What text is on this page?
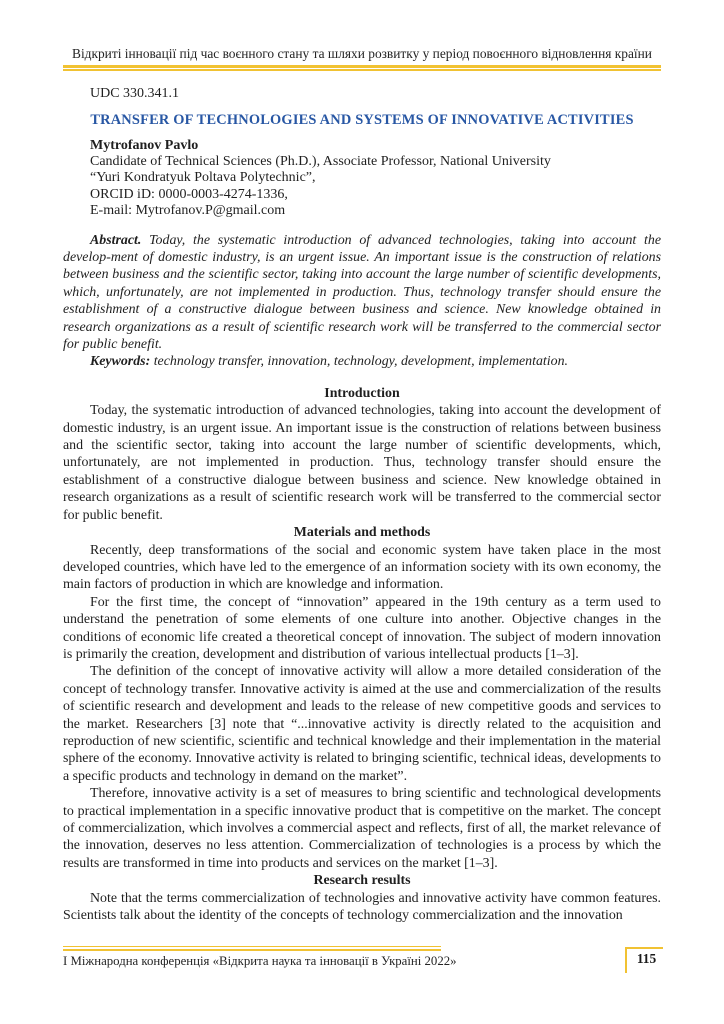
Відкриті інновації під час воєнного стану та шляхи розвитку у період повоєнного відновлення країни

UDC 330.341.1

TRANSFER OF TECHNOLOGIES AND SYSTEMS OF INNOVATIVE ACTIVITIES

Mytrofanov Pavlo

Candidate of Technical Sciences (Ph.D.), Associate Professor, National University

“Yuri Kondratyuk Poltava Polytechnic”,

ORCID iD: 0000-0003-4274-1336,

E-mail: Mytrofanov.P@gmail.com

Abstract. Today, the systematic introduction of advanced technologies, taking into account the develop-ment of domestic industry, is an urgent issue. An important issue is the construction of relations between business and the scientific sector, taking into account the large number of scientific developments, which, unfortunately, are not implemented in production. Thus, technology transfer should ensure the establishment of a constructive dialogue between business and science. New knowledge obtained in research organizations as a result of scientific research work will be transferred to the commercial sector for public benefit.

Keywords: technology transfer, innovation, technology, development, implementation.

Introduction

Today, the systematic introduction of advanced technologies, taking into account the development of domestic industry, is an urgent issue. An important issue is the construction of relations between business and the scientific sector, taking into account the large number of scientific developments, which, unfortunately, are not implemented in production. Thus, technology transfer should ensure the establishment of a constructive dialogue between business and science. New knowledge obtained in research organizations as a result of scientific research work will be transferred to the commercial sector for public benefit.

Materials and methods

Recently, deep transformations of the social and economic system have taken place in the most developed countries, which have led to the emergence of an information society with its own economy, the main factors of production in which are knowledge and information.

For the first time, the concept of “innovation” appeared in the 19th century as a term used to understand the penetration of some elements of one culture into another. Objective changes in the conditions of economic life created a theoretical concept of innovation. The subject of modern innovation is primarily the creation, development and distribution of various intellectual products [1–3].

The definition of the concept of innovative activity will allow a more detailed consideration of the concept of technology transfer. Innovative activity is aimed at the use and commercialization of the results of scientific research and development and leads to the release of new competitive goods and services to the market. Researchers [3] note that “...innovative activity is directly related to the acquisition and reproduction of new scientific, scientific and technical knowledge and their implementation in the material sphere of the economy. Innovative activity is related to bringing scientific, technical ideas, developments to a specific products and technology in demand on the market”.

Therefore, innovative activity is a set of measures to bring scientific and technological developments to practical implementation in a specific innovative product that is competitive on the market. The concept of commercialization, which involves a commercial aspect and reflects, first of all, the market relevance of the innovation, deserves no less attention. Commercialization of technologies is a process by which the results are transformed in time into products and services on the market [1–3].

Research results

Note that the terms commercialization of technologies and innovative activity have common features. Scientists talk about the identity of the concepts of technology commercialization and the innovation

І Міжнародна конференція «Відкрита наука та інновації в Україні 2022»	115
